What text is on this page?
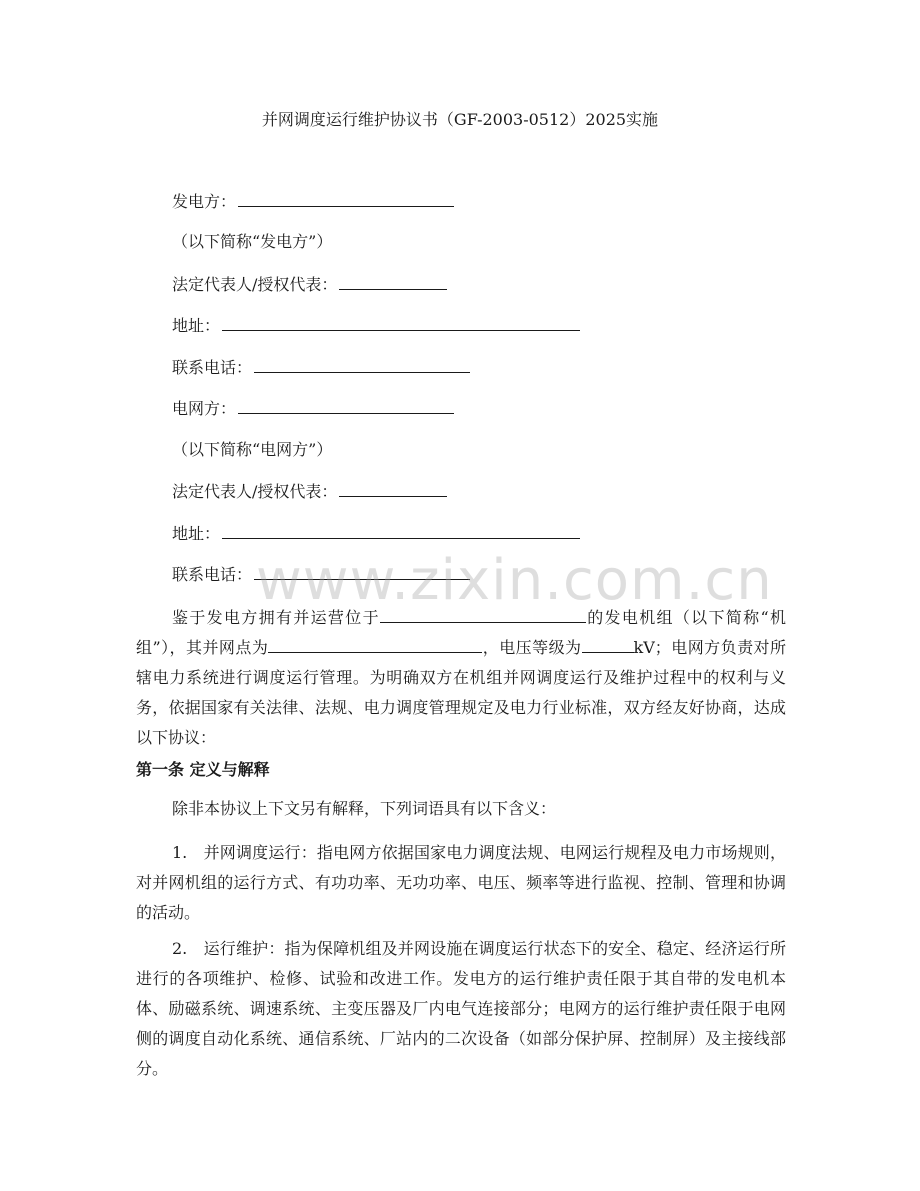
并网调度运行维护协议书（GF-2003-0512）2025实施
发电方：
（以下简称“发电方”）
法定代表人/授权代表：
地址：
联系电话：
电网方：
（以下简称“电网方”）
法定代表人/授权代表：
地址：
联系电话： www.zixin.com.cn
鉴于发电方拥有并运营位于	的发电机组（以下简称“机组”），其并网点为	，电压等级为	kV；电网方负责对所辖电力系统进行调度运行管理。为明确双方在机组并网调度运行及维护过程中的权利与义务，依据国家有关法律、法规、电力调度管理规定及电力行业标准，双方经友好协商，达成以下协议：
第一条 定义与解释
除非本协议上下文另有解释，下列词语具有以下含义：
1.　并网调度运行：指电网方依据国家电力调度法规、电网运行规程及电力市场规则，对并网机组的运行方式、有功功率、无功功率、电压、频率等进行监视、控制、管理和协调的活动。
2.　运行维护：指为保障机组及并网设施在调度运行状态下的安全、稳定、经济运行所进行的各项维护、检修、试验和改进工作。发电方的运行维护责任限于其自带的发电机本体、励磁系统、调速系统、主变压器及厂内电气连接部分；电网方的运行维护责任限于电网侧的调度自动化系统、通信系统、厂站内的二次设备（如部分保护屏、控制屏）及主接线部分。
